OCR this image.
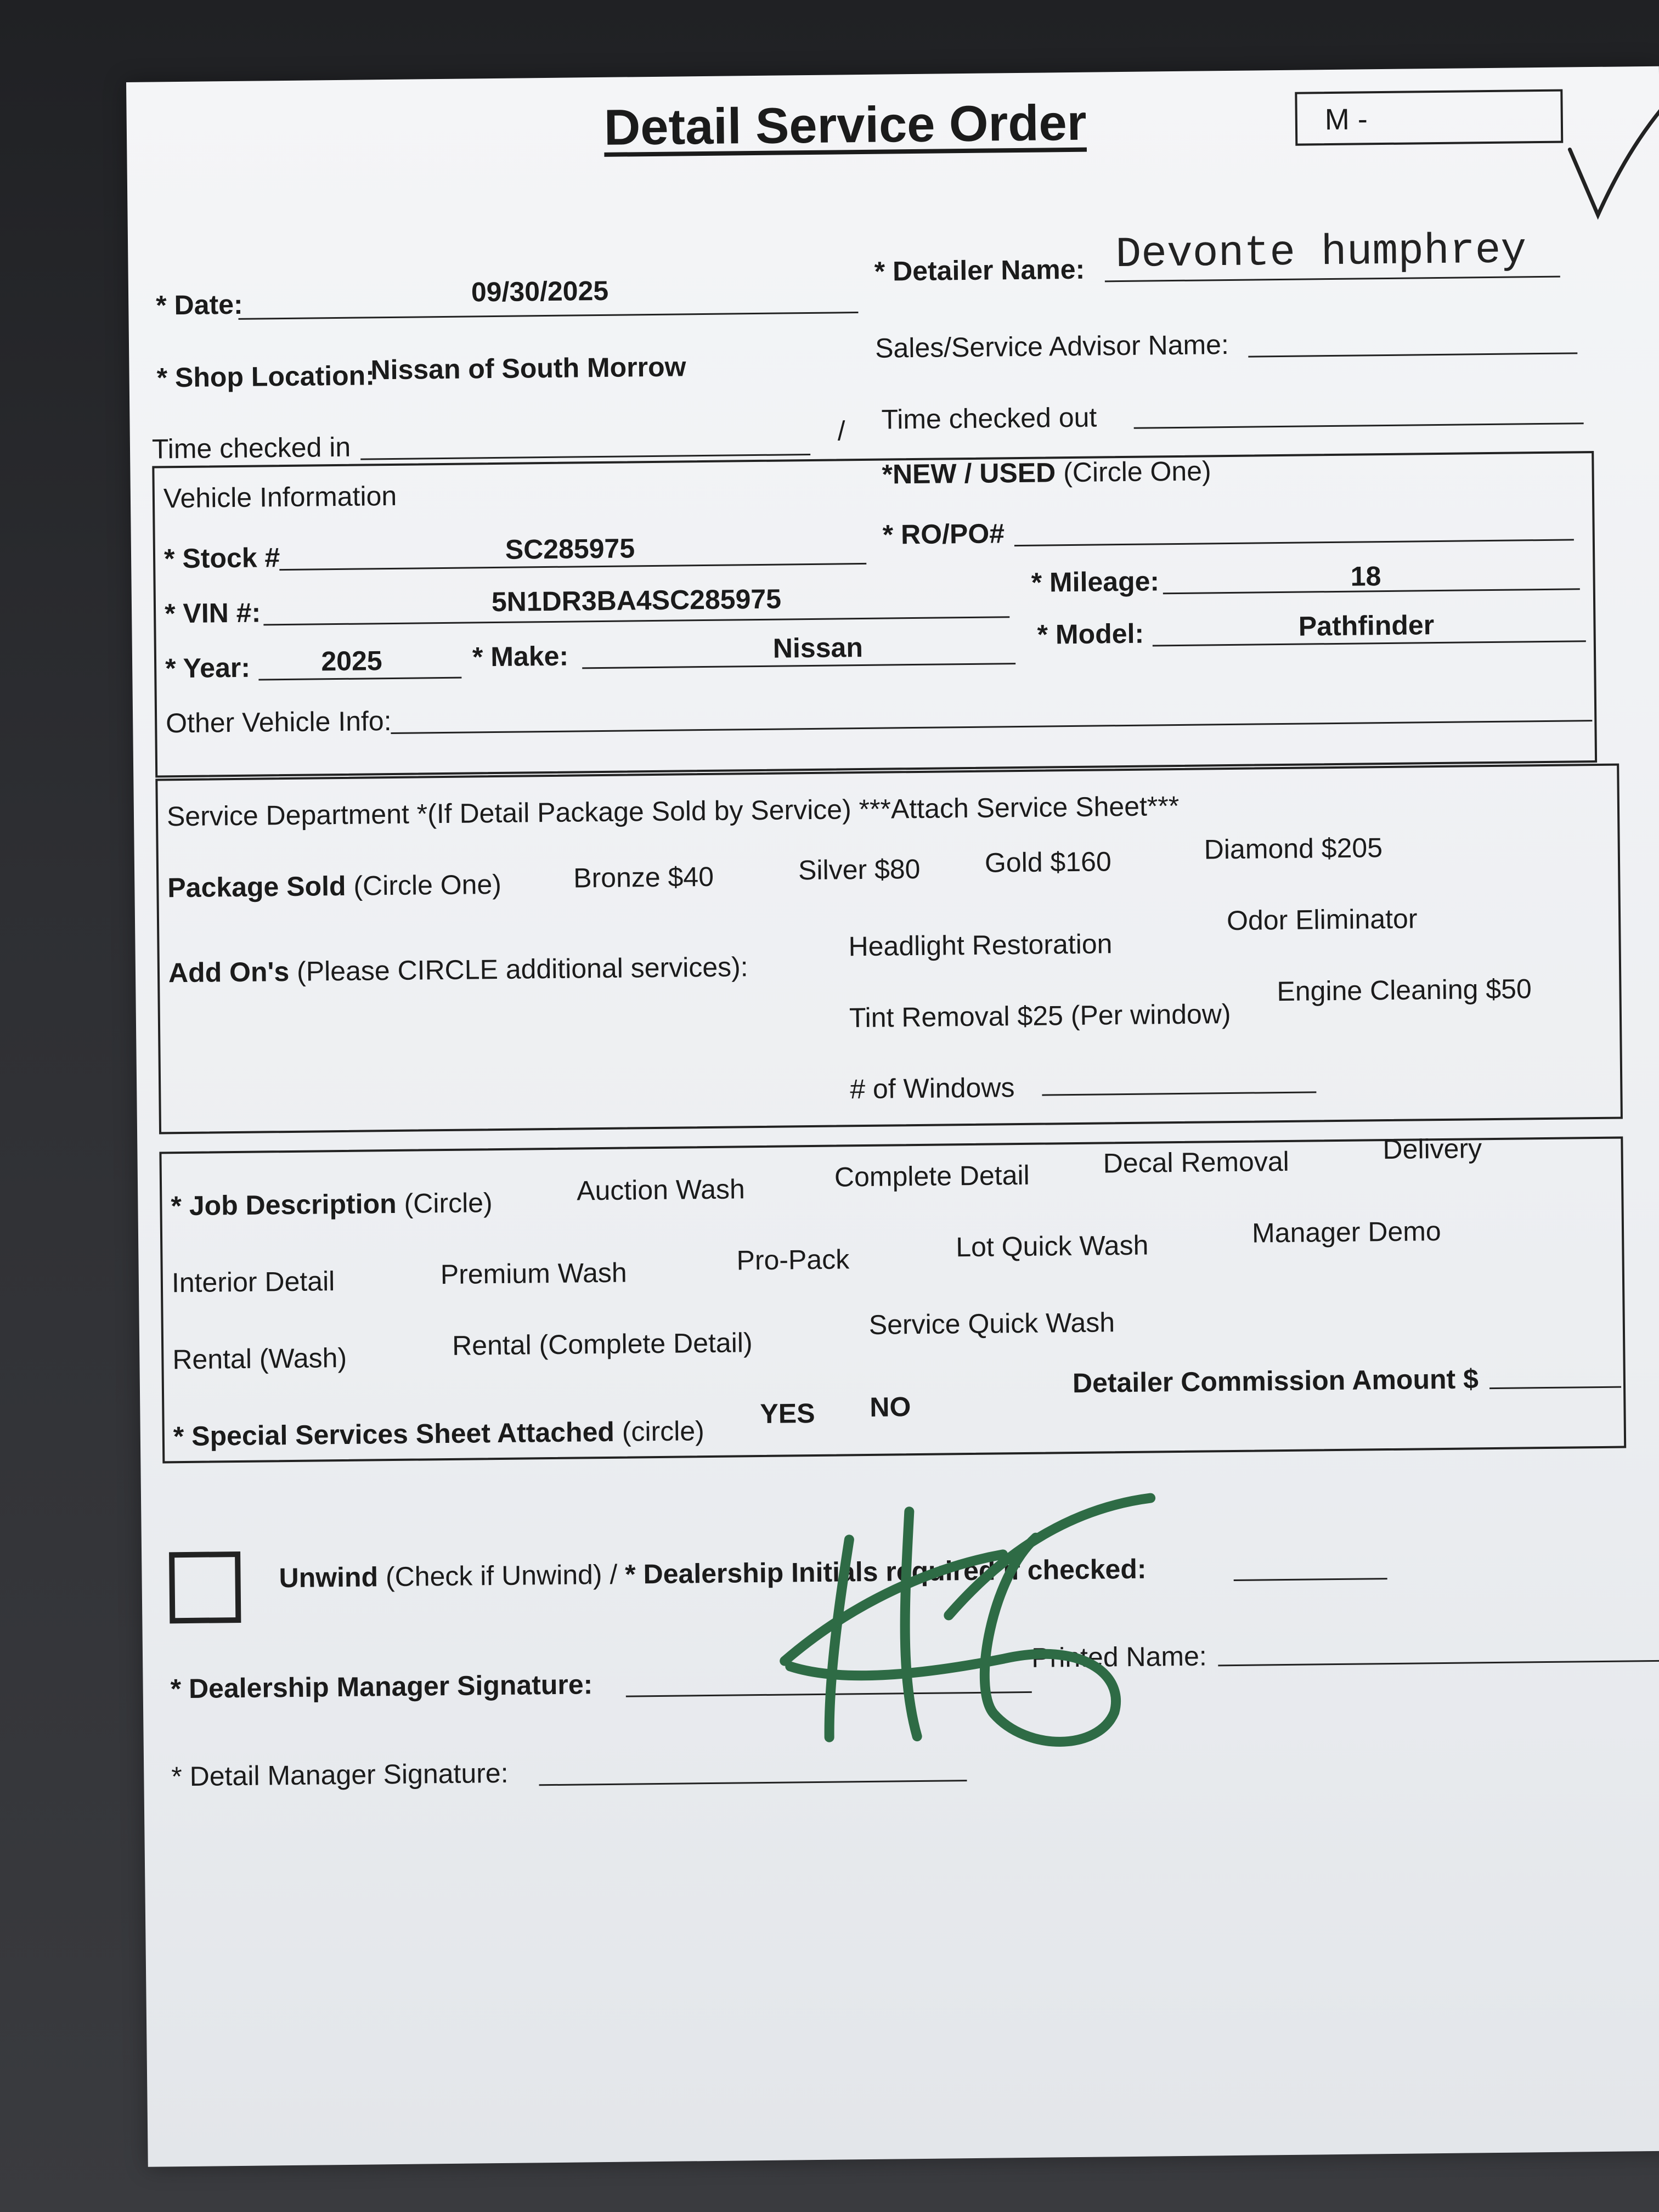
Detail Service Order	M -
* Date:	09/30/2025
* Detailer Name: Devonte humphrey
* Shop Location:
Nissan of South Morrow
Sales/Service Advisor Name:
Time checked in
/ Time checked out
Vehicle Information
*NEW / USED (Circle One)
* Stock #	SC285975	* RO/PO#
* VIN #:	5N1DR3BA4SC285975
* Mileage:	18
* Year:	2025	* Make:	Nissan	* Model:	Pathfinder
Other Vehicle Info:
Service Department *(If Detail Package Sold by Service) ***Attach Service Sheet***
Package Sold (Circle One)	Bronze $40	Silver $80 Gold $160	Diamond $205
Add On's (Please CIRCLE additional services):
Headlight Restoration
Odor Eliminator
Tint Removal $25 (Per window)
Engine Cleaning $50
# of Windows
* Job Description (Circle)	Auction Wash	Complete Detail	Decal Removal	Delivery
Interior Detail	Premium Wash	Pro-Pack	Lot Quick Wash	Manager Demo
Rental (Wash)	Rental (Complete Detail)
Service Quick Wash
* Special Services Sheet Attached (circle)
YES NO
Detailer Commission Amount $
Unwind (Check if Unwind) / * Dealership Initials required if checked:
* Dealership Manager Signature:
Printed Name:
* Detail Manager Signature:
